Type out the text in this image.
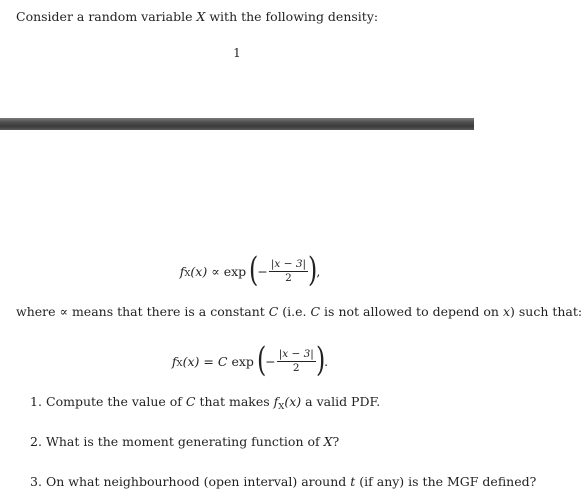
Consider a random variable X with the following density:
1
f X (x) ∝ exp (
− $\frac{|x - 3|}{2}$ )
,
where ∝ means that there is a constant C (i.e. C is not allowed to depend on x) such that:
f X (x) = C exp (
− $\frac{|x - 3|}{2}$ )
.
1. Compute the value of C that makes $f_X(x)$ a valid PDF.
2. What is the moment generating function of X?
3. On what neighbourhood (open interval) around t (if any) is the MGF defined?
